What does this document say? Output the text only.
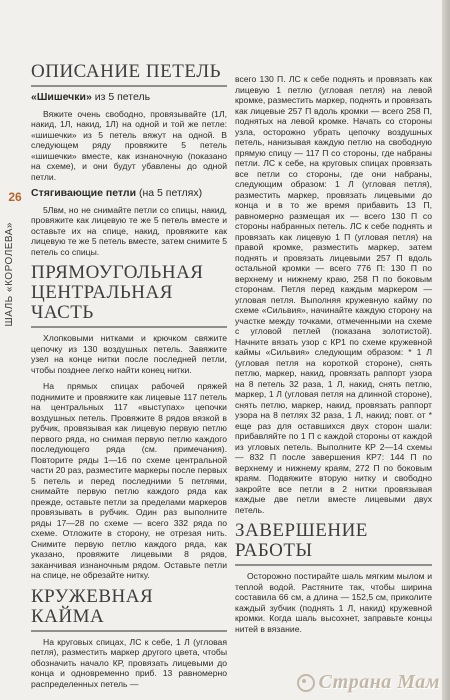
26
ШАЛЬ «КОРОЛЕВА»
ОПИСАНИЕ ПЕТЕЛЬ
«Шишечки» из 5 петель

Вяжите очень свободно, провязывайте (1Л, накид, 1Л, накид, 1Л) на одной и той же петле: «шишечки» из 5 петель вяжут на одной. В следующем ряду провяжите 5 петель «шишечки» вместе, как изнаночную (показано на схеме), и они будут убавлены до одной петли.

Стягивающие петли (на 5 петлях)

5Лвм, но не снимайте петли со спицы, накид, провяжите как лицевую те же 5 петель вместе и оставьте их на спице, накид, провяжите как лицевую те же 5 петель вместе, затем снимите 5 петель со спицы.

ПРЯМОУГОЛЬНАЯ ЦЕНТРАЛЬНАЯ ЧАСТЬ

Хлопковыми нитками и крючком свяжите цепочку из 130 воздушных петель. Завяжите узел на конце нитки после последней петли, чтобы позднее легко найти конец нитки.

На прямых спицах рабочей пряжей поднимите и провяжите как лицевые 117 петель на центральных 117 «выступах» цепочки воздушных петель. Провяжите 8 рядов вязкой в рубчик, провязывая как лицевую первую петлю первого ряда, но снимая первую петлю каждого последующего ряда (см. примечания). Повторите ряды 1—16 по схеме центральной части 20 раз, разместите маркеры после первых 5 петель и перед последними 5 петлями, снимайте первую петлю каждого ряда как прежде, оставьте петли за пределами маркеров провязывать в рубчик. Один раз выполните ряды 17—28 по схеме — всего 332 ряда по схеме. Отложите в сторону, не отрезая нить. Снимите первую петлю каждого ряда, как указано, провяжите лицевыми 8 рядов, заканчивая изнаночным рядом. Оставьте петли на спице, не обрезайте нитку.

КРУЖЕВНАЯ КАЙМА

На круговых спицах, ЛС к себе, 1 Л (угловая петля), разместить маркер другого цвета, чтобы обозначить начало КР, провязать лицевыми до конца и одновременно приб. 13 равномерно распределенных петель —

всего 130 П. ЛС к себе поднять и провязать как лицевую 1 петлю (угловая петля) на левой кромке, разместить маркер, поднять и провязать как лицевые 257 П вдоль кромки — всего 258 П, поднятых на левой кромке. Начать со стороны узла, осторожно убрать цепочку воздушных петель, нанизывая каждую петлю на свободную прямую спицу — 117 П со стороны, где набраны петли. ЛС к себе, на круговых спицах провязать все петли со стороны, где они набраны, следующим образом: 1 Л (угловая петля), разместить маркер, провязать лицевыми до конца и в то же время прибавить 13 П, равномерно размещая их — всего 130 П со стороны набранных петель. ЛС к себе поднять и провязать как лицевую 1 П (угловая петля) на правой кромке, разместить маркер, затем поднять и провязать лицевыми 257 П вдоль остальной кромки — всего 776 П: 130 П по верхнему и нижнему краю, 258 П по боковым сторонам. Петля перед каждым маркером — угловая петля. Выполняя кружевную кайму по схеме «Сильвия», начинайте каждую сторону на участке между точками, отмеченными на схеме с угловой петлей (показана золотистой). Начните вязать узор с КР1 по схеме кружевной каймы «Сильвия» следующим образом: * 1 Л (угловая петля на короткой стороне), снять петлю, маркер, накид, провязать раппорт узора на 8 петель 32 раза, 1 Л, накид, снять петлю, маркер, 1 Л (угловая петля на длинной стороне), снять петлю, маркер, накид, провязать раппорт узора на 8 петлях 32 раза, 1 Л, накид; повт. от * еще раз для оставшихся двух сторон шали: прибавляйте по 1 П с каждой стороны от каждой из угловых петель. Выполните КР 2—14 схемы — 832 П после завершения КР7: 144 П по верхнему и нижнему краям, 272 П по боковым краям. Подвяжите вторую нитку и свободно закройте все петли в 2 нитки провязывая каждые две петли вместе лицевыми двух петель.

ЗАВЕРШЕНИЕ РАБОТЫ

Осторожно постирайте шаль мягким мылом и теплой водой. Растяните так, чтобы ширина составила 66 см, а длина — 152,5 см, приколите каждый зубчик (поднять 1 Л, накид) кружевной кромки. Когда шаль высохнет, заправьте концы нитей в вязание.

Страна Мам
